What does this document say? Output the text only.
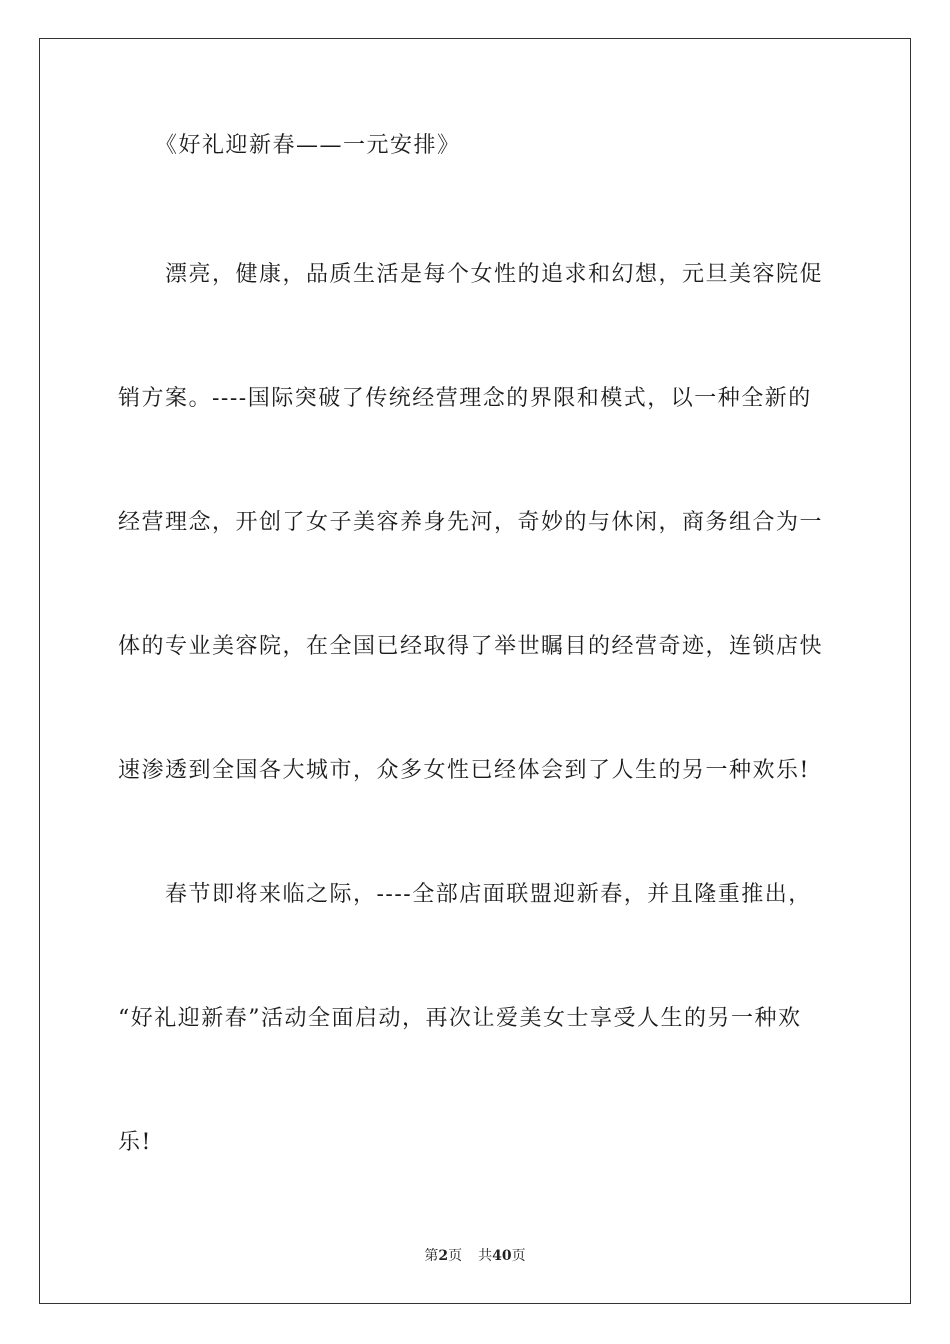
《好礼迎新春——一元安排》
漂亮，健康，品质生活是每个女性的追求和幻想，元旦美容院促
销方案。----国际突破了传统经营理念的界限和模式，以一种全新的
经营理念，开创了女子美容养身先河，奇妙的与休闲，商务组合为一
体的专业美容院，在全国已经取得了举世瞩目的经营奇迹，连锁店快
速渗透到全国各大城市，众多女性已经体会到了人生的另一种欢乐!
春节即将来临之际，----全部店面联盟迎新春，并且隆重推出，
“好礼迎新春”活动全面启动，再次让爱美女士享受人生的另一种欢
乐!
第2页 共40页
